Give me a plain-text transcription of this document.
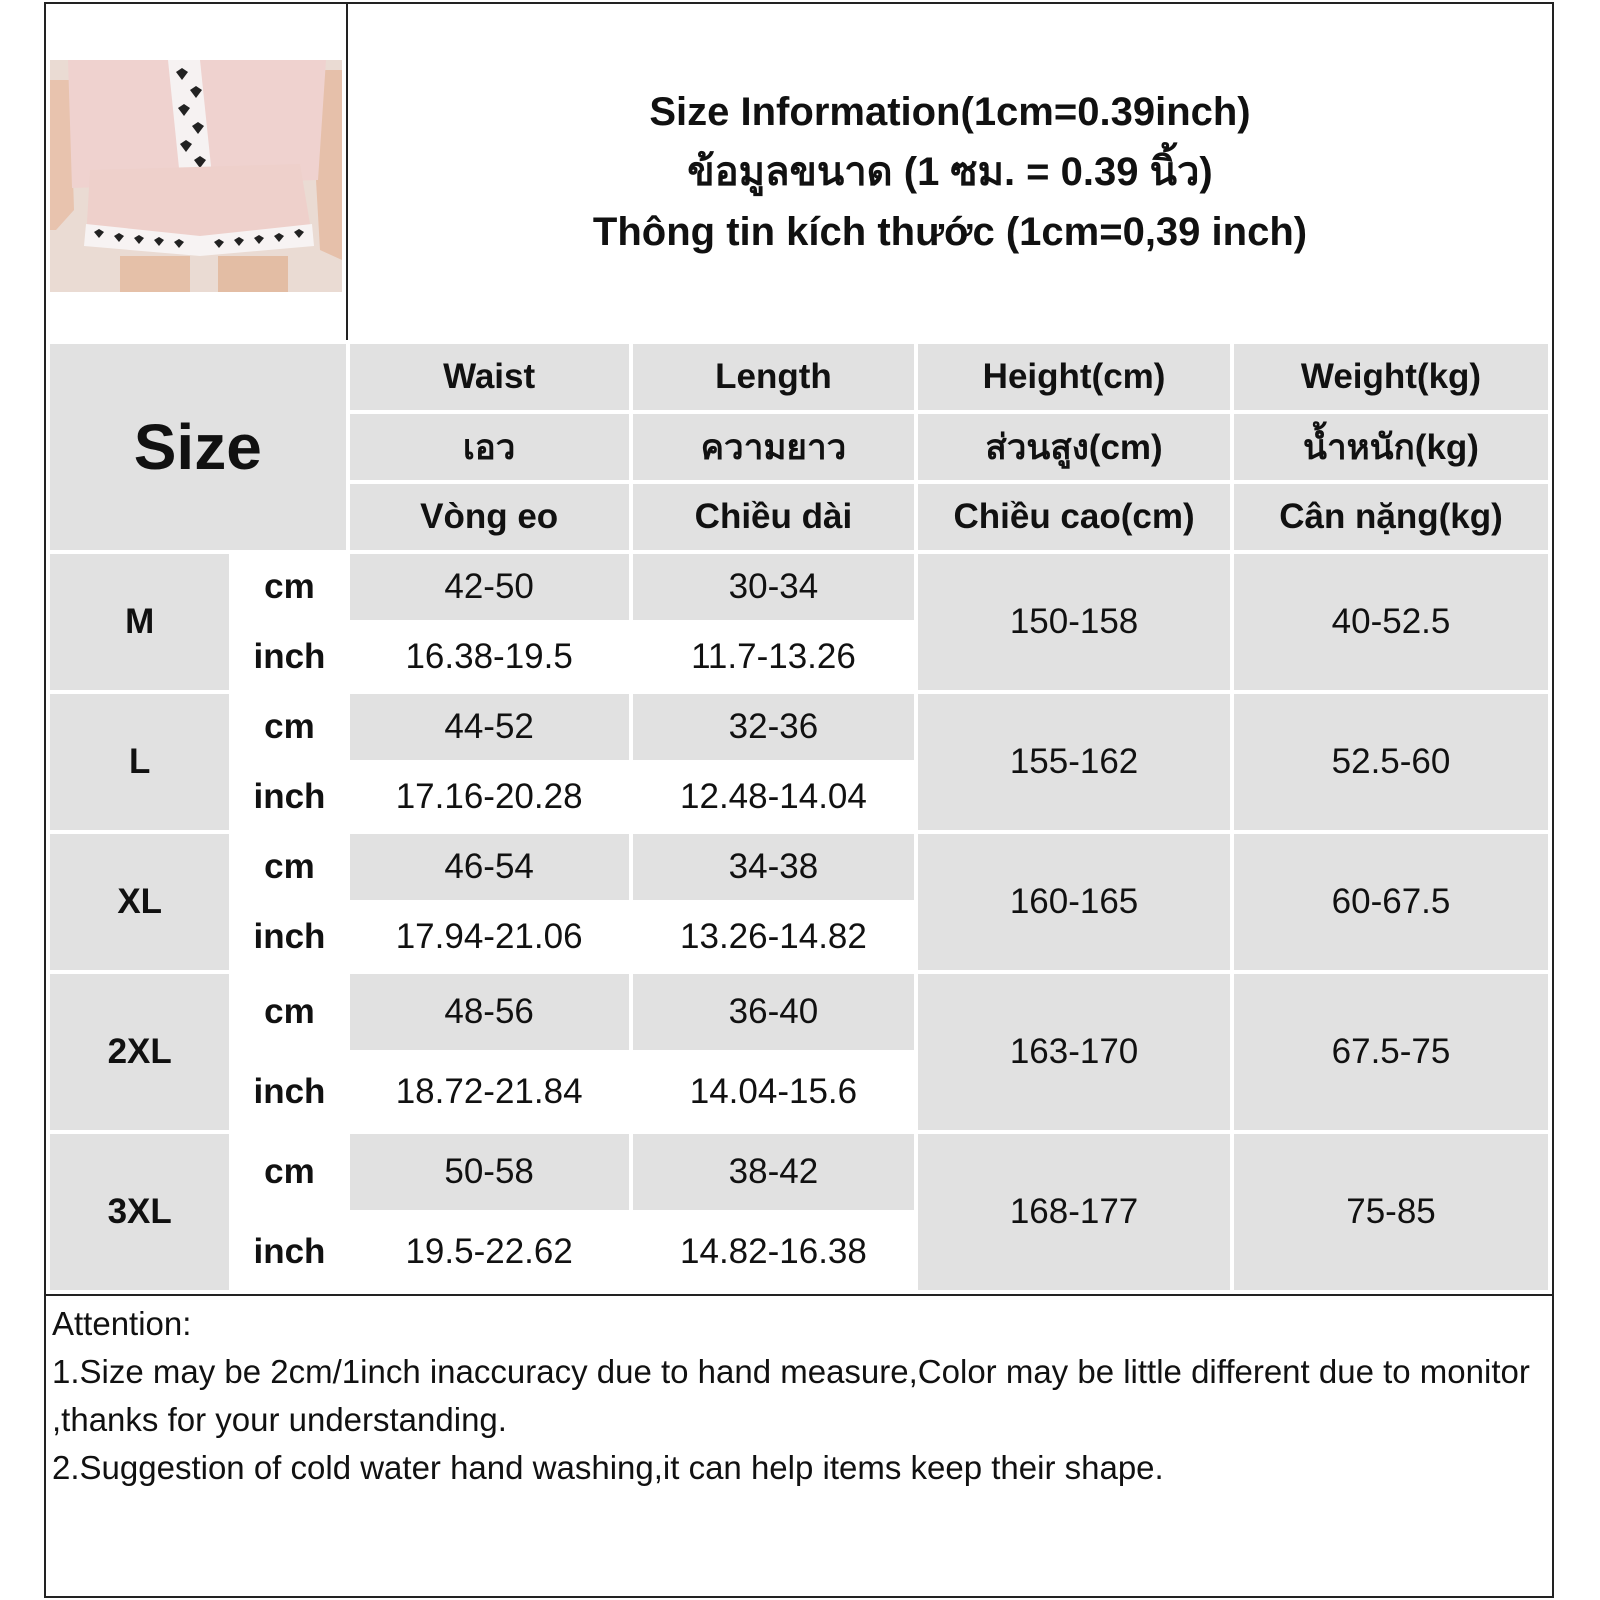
Size Information(1cm=0.39inch)
ข้อมูลขนาด (1 ซม. = 0.39 นิ้ว)
Thông tin kích thước (1cm=0,39 inch)
Size		Waist	Length	Height(cm)	Weight(kg)
		เอว	ความยาว	ส่วนสูง(cm)	น้ำหนัก(kg)
		Vòng eo	Chiều dài	Chiều cao(cm)	Cân nặng(kg)
M	cm	42-50	30-34	150-158	40-52.5
	inch	16.38-19.5	11.7-13.26		
L	cm	44-52	32-36	155-162	52.5-60
	inch	17.16-20.28	12.48-14.04		
XL	cm	46-54	34-38	160-165	60-67.5
	inch	17.94-21.06	13.26-14.82		
2XL	cm	48-56	36-40	163-170	67.5-75
	inch	18.72-21.84	14.04-15.6		
3XL	cm	50-58	38-42	168-177	75-85
	inch	19.5-22.62	14.82-16.38		
Attention:
1.Size may be 2cm/1inch inaccuracy due to hand measure,Color may be little different due to monitor ,thanks for your understanding.
2.Suggestion of cold water hand washing,it can help items keep their shape.
